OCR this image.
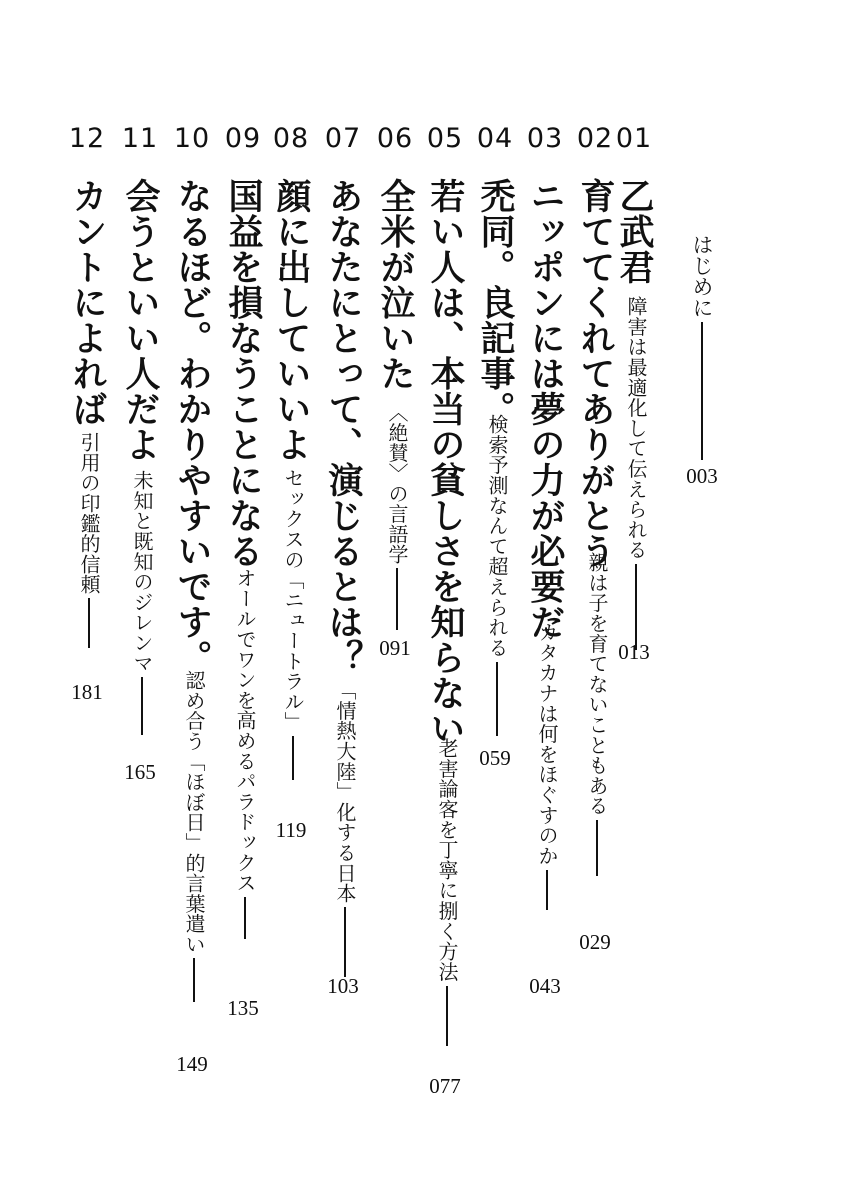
はじめに
003
01
乙武君
障害は最適化して伝えられる
013
02
育ててくれてありがとう
親は子を育てないこともある
029
03
ニッポンには夢の力が必要だ
カタカナは何をほぐすのか
043
04
禿同。良記事。
検索予測なんて超えられる
059
05
若い人は、本当の貧しさを知らない
老害論客を丁寧に捌く方法
077
06
全米が泣いた
〈絶賛〉の言語学
091
07
あなたにとって、演じるとは？
「情熱大陸」化する日本
103
08
顔に出していいよ
セックスの「ニュートラル」
119
09
国益を損なうことになる
オールでワンを高めるパラドックス
135
10
なるほど。わかりやすいです。
認め合う「ほぼ日」的言葉遣い
149
11
会うといい人だよ
未知と既知のジレンマ
165
12
カントによれば
引用の印鑑的信頼
181
